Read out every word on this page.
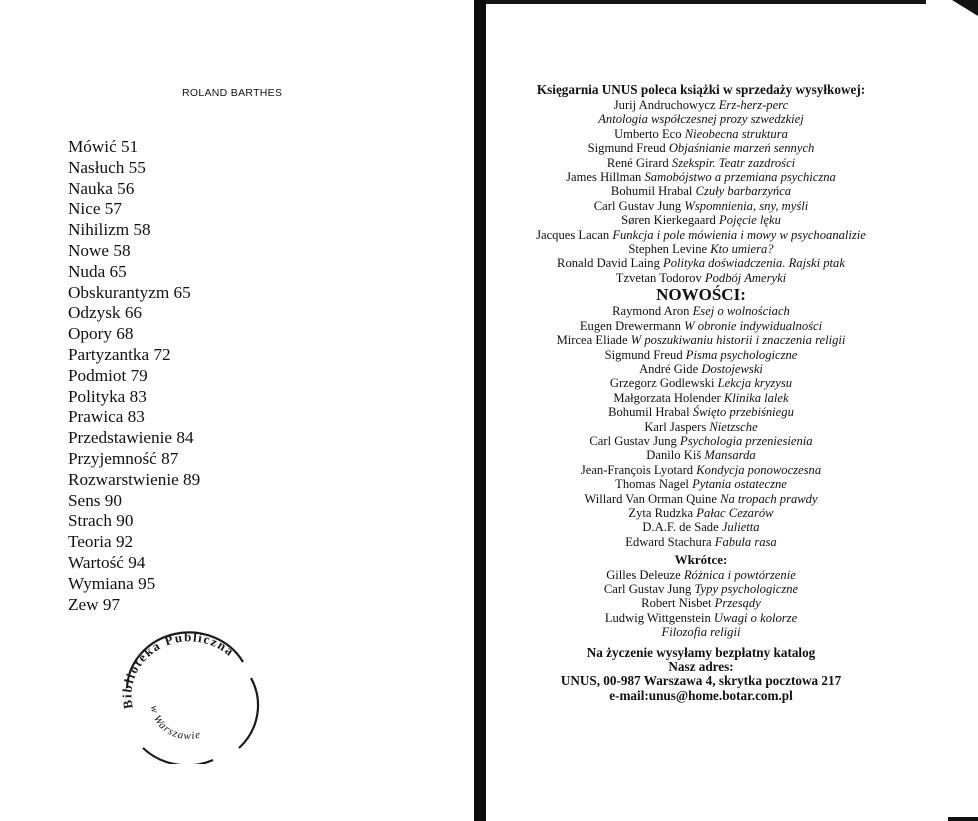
ROLAND BARTHES
Mówić 51
Nasłuch 55
Nauka 56
Nice 57
Nihilizm 58
Nowe 58
Nuda 65
Obskurantyzm 65
Odzysk 66
Opory 68
Partyzantka 72
Podmiot 79
Polityka 83
Prawica 83
Przedstawienie 84
Przyjemność 87
Rozwarstwienie 89
Sens 90
Strach 90
Teoria 92
Wartość 94
Wymiana 95
Zew 97
Biblioteka Publiczna
w Warszawie
Księgarnia UNUS poleca książki w sprzedaży wysyłkowej:
Jurij Andruchowycz Erz-herz-perc
Antologia współczesnej prozy szwedzkiej
Umberto Eco Nieobecna struktura
Sigmund Freud Objaśnianie marzeń sennych
René Girard Szekspir. Teatr zazdrości
James Hillman Samobójstwo a przemiana psychiczna
Bohumil Hrabal Czuły barbarzyńca
Carl Gustav Jung Wspomnienia, sny, myśli
Søren Kierkegaard Pojęcie lęku
Jacques Lacan Funkcja i pole mówienia i mowy w psychoanalizie
Stephen Levine Kto umiera?
Ronald David Laing Polityka doświadczenia. Rajski ptak
Tzvetan Todorov Podbój Ameryki
NOWOŚCI:
Raymond Aron Esej o wolnościach
Eugen Drewermann W obronie indywidualności
Mircea Eliade W poszukiwaniu historii i znaczenia religii
Sigmund Freud Pisma psychologiczne
André Gide Dostojewski
Grzegorz Godlewski Lekcja kryzysu
Małgorzata Holender Klinika lalek
Bohumil Hrabal Święto przebiśniegu
Karl Jaspers Nietzsche
Carl Gustav Jung Psychologia przeniesienia
Danilo Kiš Mansarda
Jean-François Lyotard Kondycja ponowoczesna
Thomas Nagel Pytania ostateczne
Willard Van Orman Quine Na tropach prawdy
Zyta Rudzka Pałac Cezarów
D.A.F. de Sade Julietta
Edward Stachura Fabula rasa
Wkrótce:
Gilles Deleuze Różnica i powtórzenie
Carl Gustav Jung Typy psychologiczne
Robert Nisbet Przesądy
Ludwig Wittgenstein Uwagi o kolorze
Filozofia religii
Na życzenie wysyłamy bezpłatny katalog
Nasz adres:
UNUS, 00-987 Warszawa 4, skrytka pocztowa 217
e-mail:unus@home.botar.com.pl
